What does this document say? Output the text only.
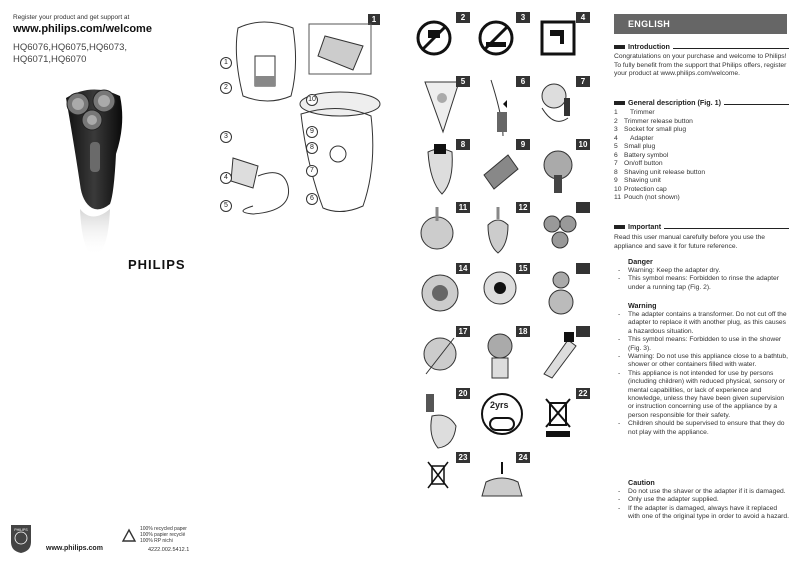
Register your product and get support at
www.philips.com/welcome
HQ6076,HQ6075,HQ6073,
HQ6071,HQ6070
PHILIPS
1
1
2
3
4
5
6
7
8
9
10
PHILIPS
www.philips.com
100% recycled paper
100% papier recyclé
100% RP nichi
4222.002.5412.1
2	3	4
5	6	7
8	9	10
11	12
14	15
17	18
20
2yrs
22
23	24
ENGLISH
Introduction
Congratulations on your purchase and welcome to Philips! To fully benefit from the support that Philips offers, register your product at www.philips.com/welcome.
General description (Fig. 1)
1	Trimmer
2 Trimmer release button
3 Socket for small plug
4	Adapter
5 Small plug
6 Battery symbol
7 On/off button
8 Shaving unit release button
9 Shaving unit
10 Protection cap
11 Pouch (not shown)
Important
Read this user manual carefully before you use the appliance and save it for future reference.
Danger
-	Warning: Keep the adapter dry.
-	This symbol means: Forbidden to rinse the adapter under a running tap (Fig. 2).
Warning
-	The adapter contains a transformer. Do not cut off the adapter to replace it with another plug, as this causes a hazardous situation.
-	This symbol means: Forbidden to use in the shower (Fig. 3).
-	Warning: Do not use this appliance close to a bathtub, shower or other containers filled with water.
-	This appliance is not intended for use by persons (including children) with reduced physical, sensory or mental capabilities, or lack of experience and knowledge, unless they have been given supervision or instruction concerning use of the appliance by a person responsible for their safety.
-	Children should be supervised to ensure that they do not play with the appliance.
Caution
-	Do not use the shaver or the adapter if it is damaged.
-	Only use the adapter supplied.
-	If the adapter is damaged, always have it replaced with one of the original type in order to avoid a hazard.
